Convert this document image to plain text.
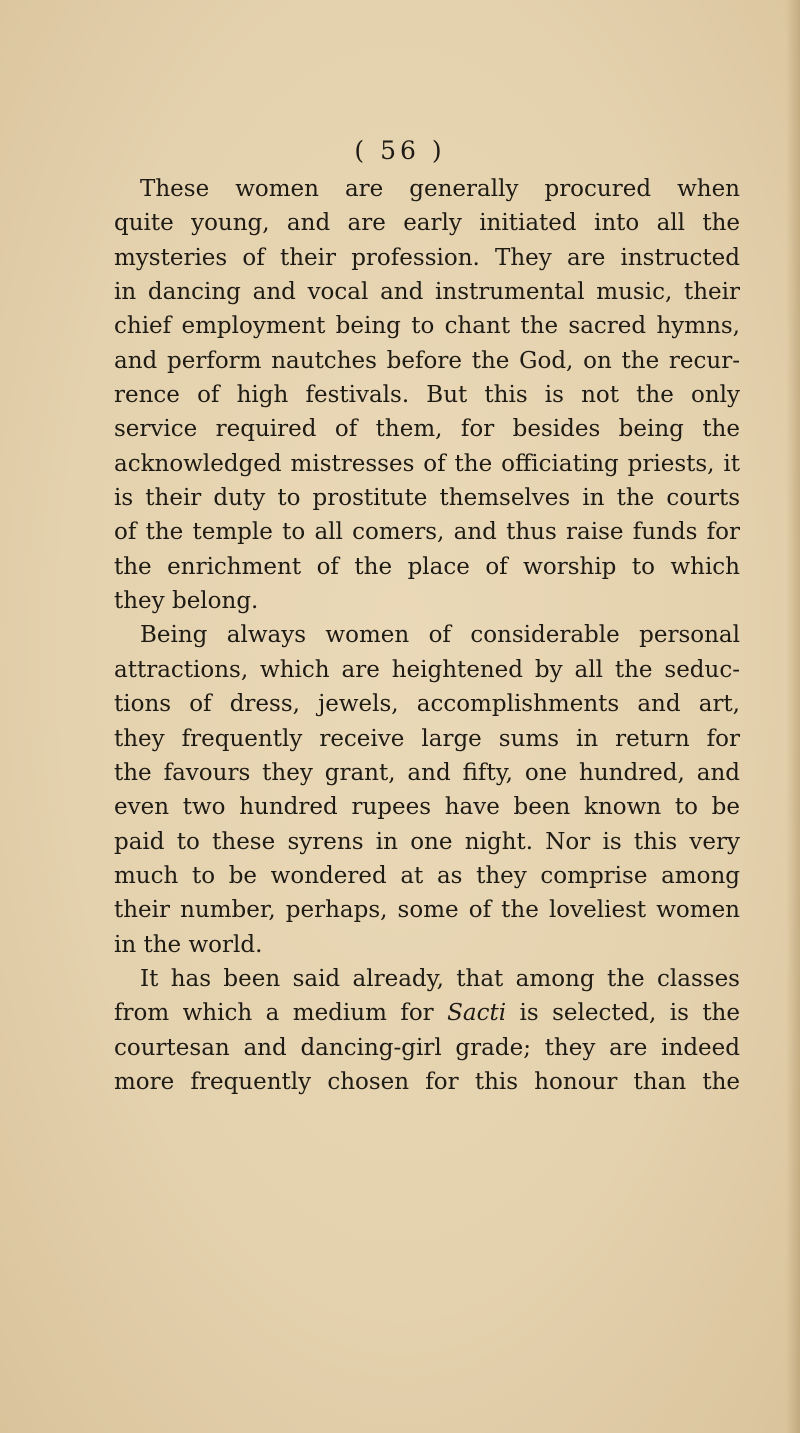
( 56 )
These women are generally procured when
quite young, and are early initiated into all the
mysteries of their profession. They are instructed
in dancing and vocal and instrumental music, their
chief employment being to chant the sacred hymns,
and perform nautches before the God, on the recur-
rence of high festivals. But this is not the only
service required of them, for besides being the
acknowledged mistresses of the officiating priests, it
is their duty to prostitute themselves in the courts
of the temple to all comers, and thus raise funds for
the enrichment of the place of worship to which
they belong.
Being always women of considerable personal
attractions, which are heightened by all the seduc-
tions of dress, jewels, accomplishments and art,
they frequently receive large sums in return for
the favours they grant, and fifty, one hundred, and
even two hundred rupees have been known to be
paid to these syrens in one night. Nor is this very
much to be wondered at as they comprise among
their number, perhaps, some of the loveliest women
in the world.
It has been said already, that among the classes
from which a medium for Sacti is selected, is the
courtesan and dancing-girl grade; they are indeed
more frequently chosen for this honour than the
